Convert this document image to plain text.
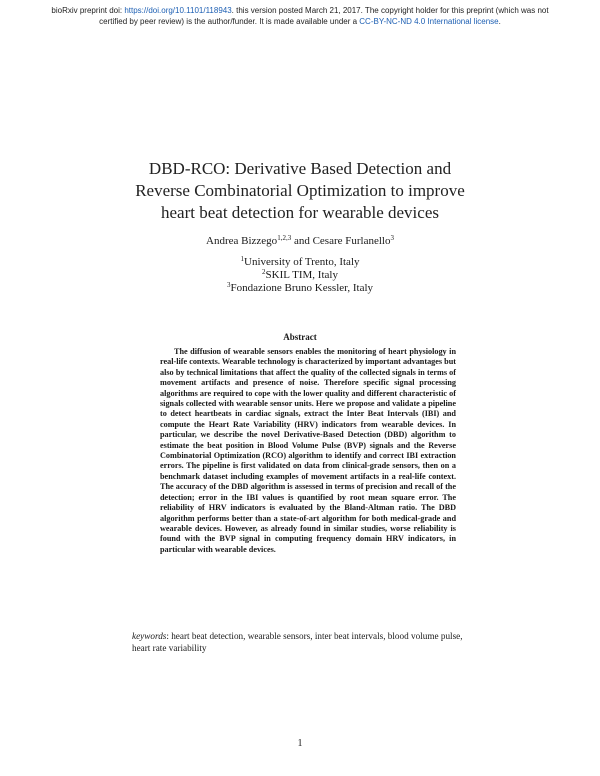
bioRxiv preprint doi: https://doi.org/10.1101/118943. this version posted March 21, 2017. The copyright holder for this preprint (which was not
certified by peer review) is the author/funder. It is made available under a CC-BY-NC-ND 4.0 International license.
DBD-RCO: Derivative Based Detection and
Reverse Combinatorial Optimization to improve
heart beat detection for wearable devices
Andrea Bizzego$^{1,2,3}$ and Cesare Furlanello$^3$
$^1$University of Trento, Italy
$^2$SKIL TIM, Italy
$^3$Fondazione Bruno Kessler, Italy
Abstract
The diffusion of wearable sensors enables the monitoring of heart physiology in real-life contexts. Wearable technology is characterized by important advantages but also by technical limitations that affect the quality of the collected signals in terms of movement artifacts and presence of noise. Therefore specific signal processing algorithms are required to cope with the lower quality and different characteristic of signals collected with wearable sensor units. Here we propose and validate a pipeline to detect heartbeats in cardiac signals, extract the Inter Beat Intervals (IBI) and compute the Heart Rate Variability (HRV) indicators from wearable devices. In particular, we describe the novel Derivative-Based Detection (DBD) algorithm to estimate the beat position in Blood Volume Pulse (BVP) signals and the Reverse Combinatorial Optimization (RCO) algorithm to identify and correct IBI extraction errors. The pipeline is first validated on data from clinical-grade sensors, then on a benchmark dataset including examples of movement artifacts in a real-life context. The accuracy of the DBD algorithm is assessed in terms of precision and recall of the detection; error in the IBI values is quantified by root mean square error. The reliability of HRV indicators is evaluated by the Bland-Altman ratio. The DBD algorithm performs better than a state-of-art algorithm for both medical-grade and wearable devices. However, as already found in similar studies, worse reliability is found with the BVP signal in computing frequency domain HRV indicators, in particular with wearable devices.
keywords: heart beat detection, wearable sensors, inter beat intervals, blood volume pulse, heart rate variability
1
